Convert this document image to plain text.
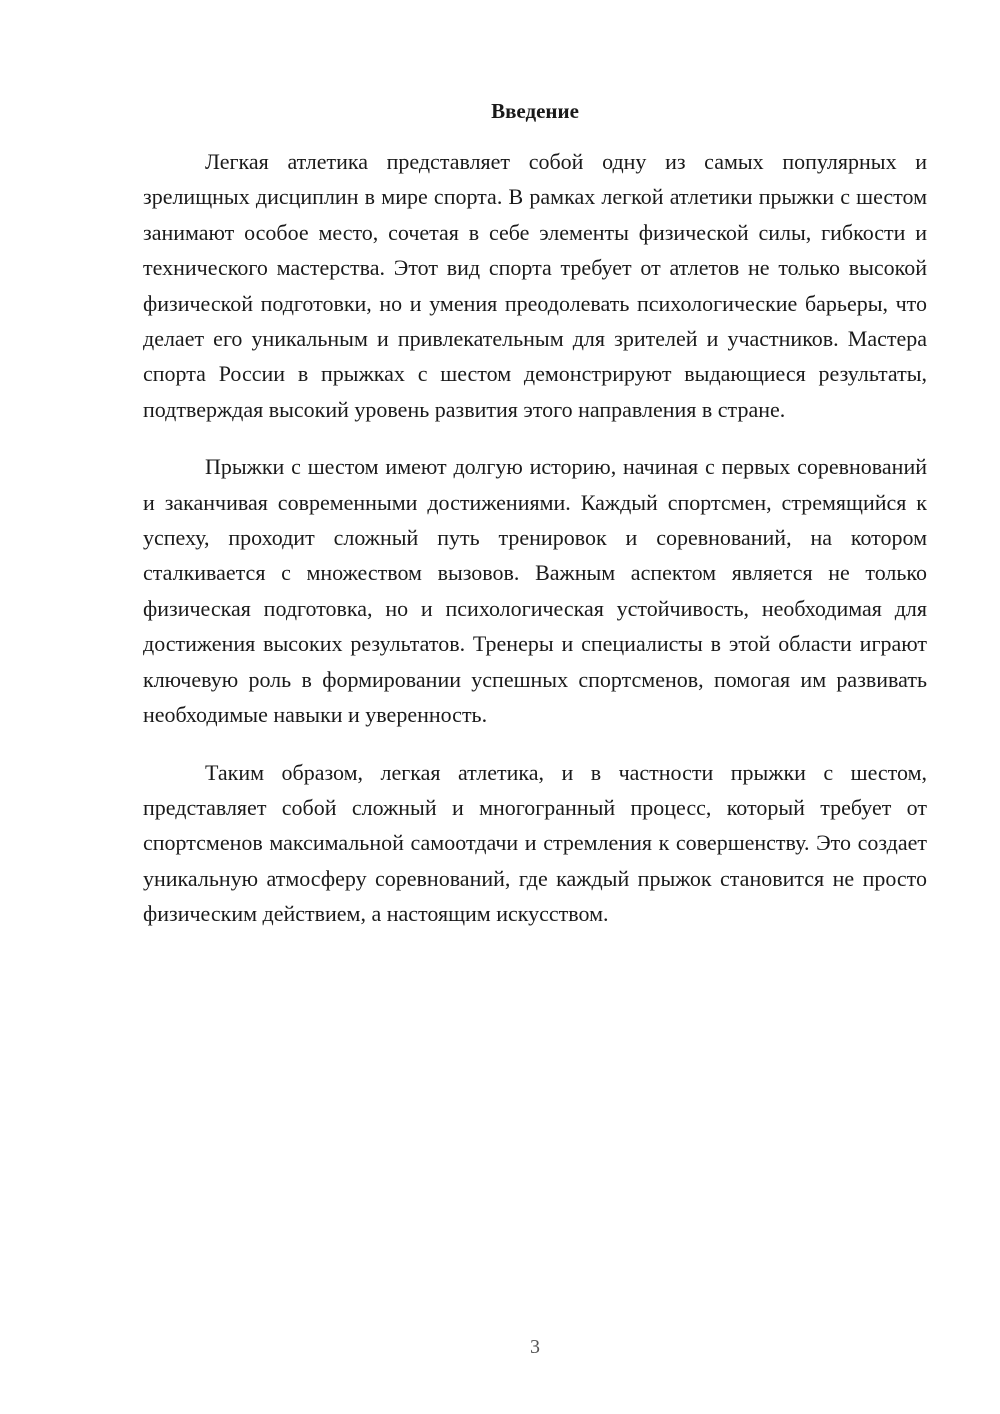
Введение

Легкая атлетика представляет собой одну из самых популярных и зрелищных дисциплин в мире спорта. В рамках легкой атлетики прыжки с шестом занимают особое место, сочетая в себе элементы физической силы, гибкости и технического мастерства. Этот вид спорта требует от атлетов не только высокой физической подготовки, но и умения преодолевать психологические барьеры, что делает его уникальным и привлекательным для зрителей и участников. Мастера спорта России в прыжках с шестом демонстрируют выдающиеся результаты, подтверждая высокий уровень развития этого направления в стране.

Прыжки с шестом имеют долгую историю, начиная с первых соревнований и заканчивая современными достижениями. Каждый спортсмен, стремящийся к успеху, проходит сложный путь тренировок и соревнований, на котором сталкивается с множеством вызовов. Важным аспектом является не только физическая подготовка, но и психологическая устойчивость, необходимая для достижения высоких результатов. Тренеры и специалисты в этой области играют ключевую роль в формировании успешных спортсменов, помогая им развивать необходимые навыки и уверенность.

Таким образом, легкая атлетика, и в частности прыжки с шестом, представляет собой сложный и многогранный процесс, который требует от спортсменов максимальной самоотдачи и стремления к совершенству. Это создает уникальную атмосферу соревнований, где каждый прыжок становится не просто физическим действием, а настоящим искусством.

3
